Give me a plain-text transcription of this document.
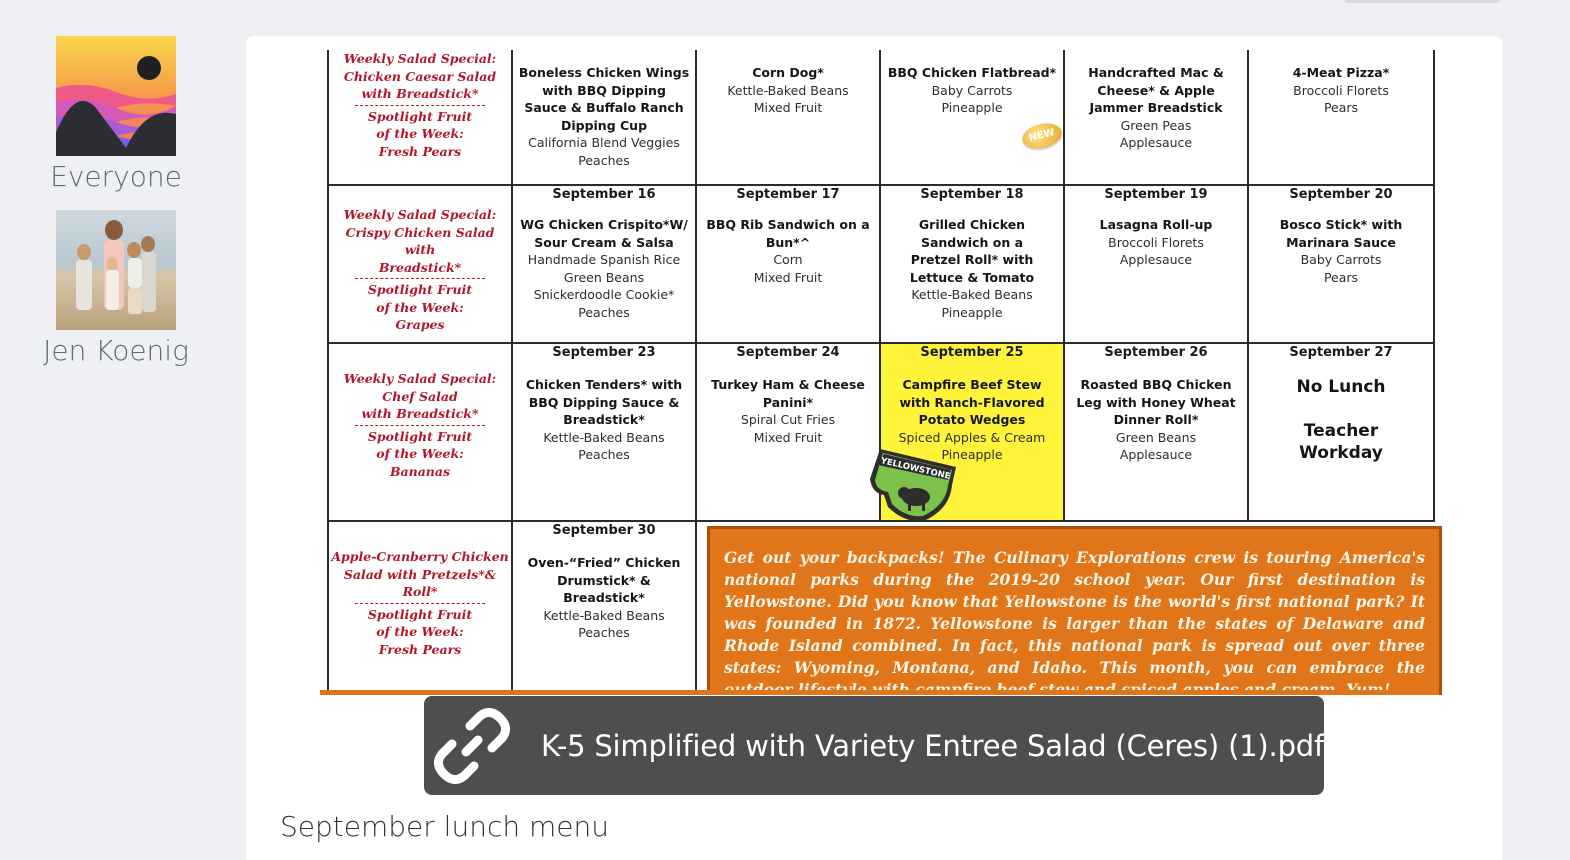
Everyone
Jen Koenig
Weekly Salad Special:
Chicken Caesar Salad
with Breadstick*
Spotlight Fruit
of the Week:
Fresh Pears
Boneless Chicken Wings
with BBQ Dipping
Sauce & Buffalo Ranch
Dipping Cup
California Blend Veggies
Peaches
Corn Dog*
Kettle-Baked Beans
Mixed Fruit
BBQ Chicken Flatbread*
Baby Carrots
Pineapple
Handcrafted Mac &
Cheese* & Apple
Jammer Breadstick
Green Peas
Applesauce
4-Meat Pizza*
Broccoli Florets
Pears
Weekly Salad Special:
Crispy Chicken Salad with
Breadstick*
Spotlight Fruit
of the Week:
Grapes
September 16
WG Chicken Crispito*W/
Sour Cream & Salsa
Handmade Spanish Rice
Green Beans
Snickerdoodle Cookie*
Peaches
September 17
BBQ Rib Sandwich on a
Bun*^
Corn
Mixed Fruit
September 18
Grilled Chicken
Sandwich on a
Pretzel Roll* with
Lettuce & Tomato
Kettle-Baked Beans
Pineapple
September 19
Lasagna Roll-up
Broccoli Florets
Applesauce
September 20
Bosco Stick* with
Marinara Sauce
Baby Carrots
Pears
Weekly Salad Special:
Chef Salad
with Breadstick*
Spotlight Fruit
of the Week:
Bananas
September 23
Chicken Tenders* with
BBQ Dipping Sauce &
Breadstick*
Kettle-Baked Beans
Peaches
September 24
Turkey Ham & Cheese
Panini*
Spiral Cut Fries
Mixed Fruit
September 25
Campfire Beef Stew
with Ranch-Flavored
Potato Wedges
Spiced Apples & Cream
Pineapple
September 26
Roasted BBQ Chicken
Leg with Honey Wheat
Dinner Roll*
Green Beans
Applesauce
September 27
No Lunch
Teacher
Workday
Apple-Cranberry Chicken
Salad with Pretzels*&
Roll*
Spotlight Fruit
of the Week:
Fresh Pears
September 30
Oven-“Fried” Chicken
Drumstick* &
Breadstick*
Kettle-Baked Beans
Peaches
Get out your backpacks! The Culinary Explorations crew is touring America's national parks during the 2019-20 school year. Our first destination is Yellowstone. Did you know that Yellowstone is the world's first national park? It was founded in 1872. Yellowstone is larger than the states of Delaware and Rhode Island combined. In fact, this national park is spread out over three states: Wyoming, Montana, and Idaho. This month, you can embrace the
NEW
YELLOWSTONE
K-5 Simplified with Variety Entree Salad (Ceres) (1).pdf
September lunch menu
